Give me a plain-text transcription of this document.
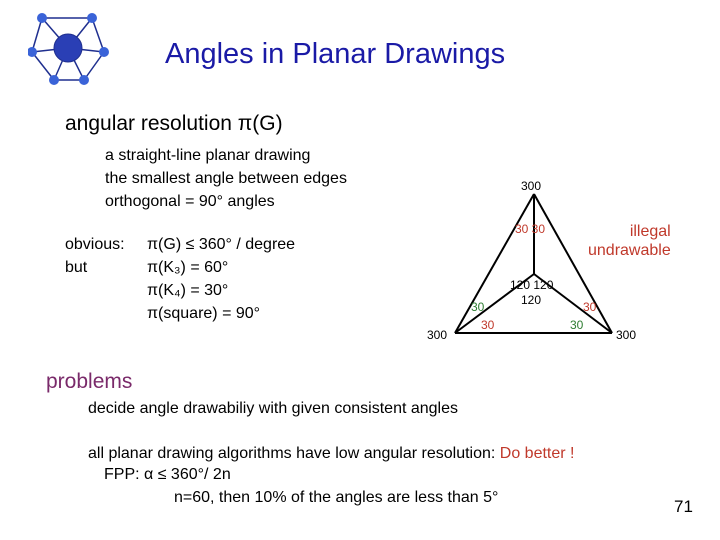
Angles in Planar Drawings
angular resolution π(G)
a straight-line planar drawing
the smallest angle between edges
orthogonal = 90° angles
obvious:	π(G) ≤ 360° / degree
but	π(K₃) = 60°
π(K₄) = 30°
π(square) = 90°
300
30 30
120 120
120
30
30
30
30
300	300
illegal
undrawable
problems
decide angle drawabiliy with given consistent angles
all planar drawing algorithms have low angular resolution: Do better !
FPP: α ≤ 360°/ 2n
n=60, then 10% of the angles are less than 5°	71
